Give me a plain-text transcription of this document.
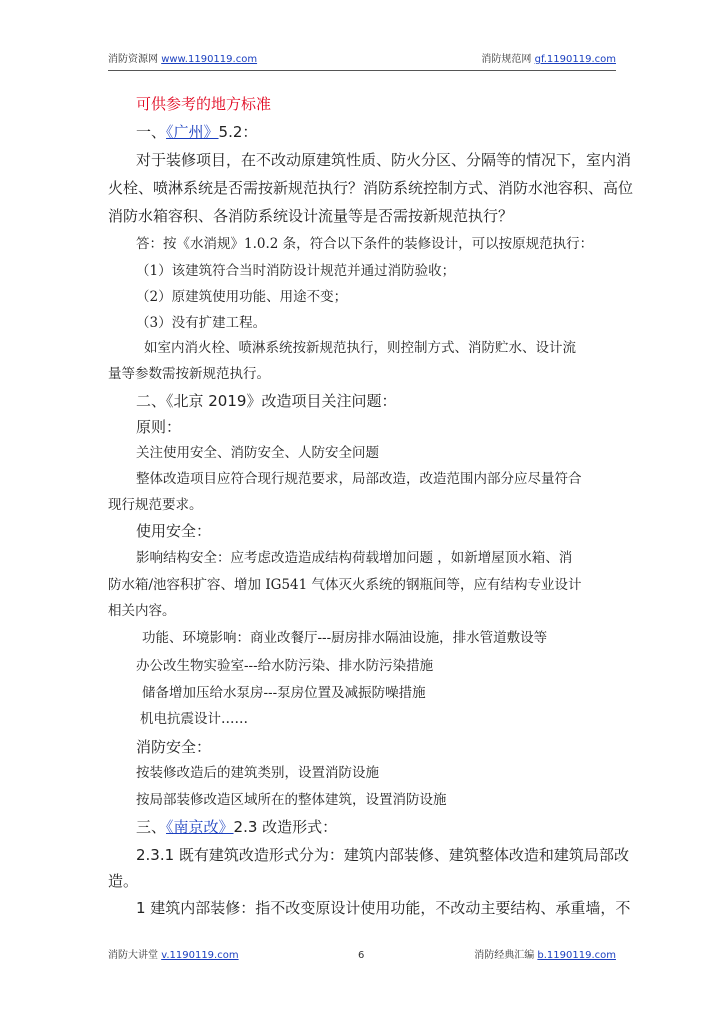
消防资源网 www.1190119.com	消防规范网 gf.1190119.com
可供参考的地方标准
一、《广州》5.2：
对于装修项目，在不改动原建筑性质、防火分区、分隔等的情况下，室内消
火栓、喷淋系统是否需按新规范执行？消防系统控制方式、消防水池容积、高位
消防水箱容积、各消防系统设计流量等是否需按新规范执行？
答：按《水消规》1.0.2 条，符合以下条件的装修设计，可以按原规范执行：
（1）该建筑符合当时消防设计规范并通过消防验收；
（2）原建筑使用功能、用途不变；
（3）没有扩建工程。
如室内消火栓、喷淋系统按新规范执行，则控制方式、消防贮水、设计流
量等参数需按新规范执行。
二、《北京 2019》改造项目关注问题：
原则：
关注使用安全、消防安全、人防安全问题
整体改造项目应符合现行规范要求，局部改造，改造范围内部分应尽量符合
现行规范要求。
使用安全：
影响结构安全：应考虑改造造成结构荷载增加问题 ，如新增屋顶水箱、消
防水箱/池容积扩容、增加 IG541 气体灭火系统的钢瓶间等，应有结构专业设计
相关内容。
功能、环境影响：商业改餐厅---厨房排水隔油设施，排水管道敷设等
办公改生物实验室---给水防污染、排水防污染措施
储备增加压给水泵房---泵房位置及减振防噪措施
机电抗震设计……
消防安全：
按装修改造后的建筑类别，设置消防设施
按局部装修改造区域所在的整体建筑，设置消防设施
三、《南京改》2.3 改造形式：
2.3.1 既有建筑改造形式分为：建筑内部装修、建筑整体改造和建筑局部改
造。
1 建筑内部装修：指不改变原设计使用功能，不改动主要结构、承重墙，不
消防大讲堂 v.1190119.com	6	消防经典汇编 b.1190119.com
